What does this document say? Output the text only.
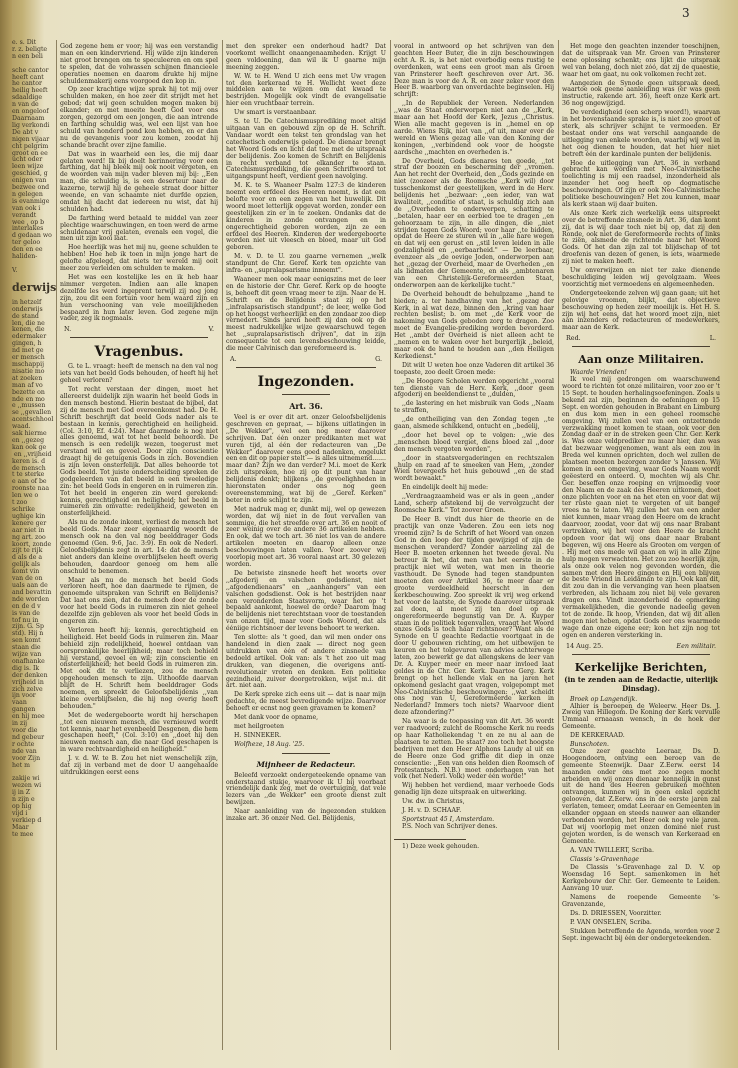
3

e. s. Dit
r. z. beligte
n een beli

sche cantor
heeft cant
he cantor
heilig heeft
sdaaldige
n van de
en ongeloof
Daarnaam
lig verkondi
De abt v
nigen vijaar
cht pelgrim
groot en ee
ucht oder
leen wijze
geschied, g
enigen van
bezwee ond
n gelegen
is evanmige
van ook i
verandt
wee , op b
interlakes
d gedaan wo
ter geloo
den en ee
haliden-

V.

derwijs

in hetzelf
onderwijs
de stand
len, die ne
kenen, die
edermaker
gingen, h
nd met ge
er mensch
mschappij
nisatie mo
at zoeken
man af vo
bezette on
nde en mo
e ,,mussen
se ,,gevallen
acentschhool
waad.
sak hierme
en ,,gezeg
kan ook ge
en ,,vrijheid
keren is. d
de mensch
t te sterke
e aan of be
roonste naa
len we o
t zoo schrike
ughige kin
kenere ger
aar niet in
ng art. zoo
koort, zonde
zijt te rijk
d als de a
gelijk als
komt vin
van de on
uals aan de
and bevattin
nde worden
en de d v
is van de
tof nu in
zijn. G. Sp
std). Hij n
sen komt
staan die
wijze van
onafhanke
dig is. Ik
der denken
vrijheid in
zich zelve
ijn voor
vaan gangen
en hij mee
in zij
voor die
nd gebeur
r ochte
nde van
voor Zijn
het m

zakije wi
wezen wi
ij in Z
n zijn e
op hig
vijd i
verkiep d
Maar
te mee

God zegene hem er voor; hij was een verstandig man en een kindervriend. Hij wilde zijn kinderen niet groot brengen om te speculeeren en om spel te spelen, dat de volwassen schijnen financieele operaties noemen en daarom drukte hij mijne schuldenmakerij eens voorgoed den kop in.

Op zeer krachtige wijze sprak hij tot mij over schulden maken, en hoe zeer dit strijdt met het gebod; dat wij geen schulden mogen maken bij elkander; en met moeite heeft God voor ons zorgen, gezorgd om een jongen, die aan intrende en farthing schuldig was, wel een lijst van hoe schuld van honderd pond kon hebben, en er dan nu de gevangenis voor zou komen, zoodat hij schande bracht over zijne familie.

Dat was in waarheid een les, die mij daar gelaten werd! Ik bij doelt herinnering voor een farthing, dat hij bleek mij ook nooit vergeten, en de woorden van mijn vader bleven mij bij: ,,Een man, die schuldig is, is een deserteur naar de kazerne, terwijl hij de geheele straat door bitter weende, en van schaamte niet durfde opzien, omdat hij dacht dat iedereen nu wist, dat hij schulden had.

De farthing werd betaald te middel van zeer plechtige waarschuwingen, en toen werd de arme schuldenaar vrij gelaten, evenals een vogel, die men uit zijn kooi laat.

Hoe heerlijk was het mij nu, geene schulden te hebben! Hoe heb ik toen in mijn jonge hart de gelofte afgelegd, dat niets ter wereld mij ooit meer zou verleiden om schulden te maken.

Het was een kostelijke les en ik heb haar nimmer vergeten. Indien aan alle knapen dezelfde les werd ingeprent terwijl zij nog jong zijn, zou dit een fortuin voor hem waard zijn en hun verschooning van vele moeilijkheden bespaard in hun later leven. God zegene mijn vader, zeg ik nogmaals.

N.	V.
Vragenbus.

G. te L. vraagt: heeft de mensch na den val nog iets van het beeld Gods behouden, of heeft hij het geheel verloren?

Tot recht verstaan der dingen, moet het allereerst duidelijk zijn waarin het beeld Gods in den mensch bestond. Hierin bestaat de bijbel, dat zij de mensch met God overeenkomst had. De H. Schrift beschrijft dat beeld Gods nader als te bestaan in kennis, gerechtigheid en heiligheid. (Col. 3:10, Ef. 4:24). Maar daarmede is nog niet alles genoemd, wat tot het beeld behoorde. De mensch is een redelijk wezen, toegerust met verstand wil en gevoel. Door zijn conscientie draagt hij de getuigenis Gods in zich. Bovendien is zijn leven onsterfelijk. Dat alles behoorde tot Gods beeld. Tot juiste onderscheiding spreken de godgeleerden van dat beeld in een tweeledige zin: het beeld Gods in engeren en in ruimeren zin. Tot het beeld in engeren zin werd gerekend: kennis, gerechtigheid en heiligheid; het beeld in ruimeren zin omvatte: redelijkheid, geweten en onsterfelijkheid.

Als nu de zonde inkomt, verliest de mensch het beeld Gods. Maar zeer eigenaardig woordt de mensch ook na den val nog beelddrager Gods genoemd (Gen. 9:6, Jac. 3:9). En ook de Nederl. Geloofsbelijdenis zegt in art. 14: dat de mensch niet anders dan kleine overblijfselen heeft overig behouden, daardoor genoeg om hem alle onschuld te benemen.

Maar als nu de mensch het beeld Gods verloren heeft, hoe dan daarmede te rijmen, de genoemde uitspraken van Schrift en Belijdenis? Dat laat ons zien, dat de mensch door de zonde voor het beeld Gods in ruimeren zin niet geheel dezelfde zijn gebleven als voor het beeld Gods in engeren zin.

Verloren heeft hij: kennis, gerechtigheid en heiligheid. Het beeld Gods in ruimeren zin. Maar behield zijn redelijkheid, hoewel ontdaan van oorspronkelijke heerlijkheid; maar toch behield hij verstand, gevoel en wil; zijn conscientie en onsterfelijkheid; het beeld Gods in ruimeren zin. Met ook dit te verliezen, zou de mensch opgehouden mensch te zijn. Uithoofde daarvan blijft de H. Schrift hem beelddrager Gods noemen, en spreekt de Geloofsbelijdenis ,,van kleine overblijfselen, die hij nog overig heeft behouden."

Met de wedergeboorte wordt hij herschapen ,,tot een nieuwen mensch, die vernieuwd wordt tot kennis, naar het evenbeeld Desgenen, die hem geschapen heeft," (Col. 3:10) en ,,doet hij den nieuwen mensch aan, die naar God geschapen is in ware rechtvaardigheid en heiligheid."

J. v. d. W. te B. Zou het niet wenschelijk zijn, dat zij in verband met de door U aangehaalde uitdrukkingen eerst eens

met den spreker een onderhoud hadt? Dat voorkomt wellicht onaangenaamheden. Krijgt U geen voldoening, dan wil ik U gaarne mijn meening zeggen.

W. W. te H. Wend U zich eens met Uw vragen tot den kerkeraad te H. Wellicht weet deze middelen aan te wijzen om dat kwaad te bestrijden. Mogelijk ook vindt de evangelisatie hier een vruchtbaar terrein.

Uw smart is verstaanbaar.

S. te U. De Catechismusprediking moet altijd uitgaan van en gebouwd zijn op de H. Schrift. Vandaar wordt een tekst ten grondslag van het catechetisch onderwijs gelegd. De dienaar brengt het Woord Gods en licht dat toe met de uitspraak der belijdenis. Zoo komen de Schrift en Belijdenis in recht verband tot elkander te staan. Catechismusprediking, die geen Schriftwoord tot uitgangspunt heeft, verdient geen navolging.

M. K. te S. Waaneer Psalm 127:3 de kinderen noemt een erfdeel des Heeren noemt, is dat een belofte voor en een zegen van het huwelijk. Dit woord moet letterlijk opgevat worden, zonder een geestelijken zin er in te zoeken. Ondanks dat de kinderen in zonde ontvangen en in ongerechtigheid geboren worden, zijn ze een erfdeel des Heeren. Kinderen der wedergeboorte worden niet uit vleesch en bloed, maar uit God geboren.

M. v. D. te U. zou gaarne vernemen ,,welk standpunt de Chr. Geref. Kerk ten opzichte van infra- en ,,supralapsarisme inneemt".

Waaneer men ook maar eenigszins met de leer en de historie der Chr. Geref. Kerk op de hoogte is, behoeft dit geen vraag meer te zijn. Naar de H. Schrift en de Belijdenis staat zij op het ,,infralapsaristisch standpunt"; de leer, welke God op het hoogst verheerlijkt en den zondaar zoo diep vernedert. Sinds jaren heeft zij dan ook op de meest nadrukkelijke wijze gewaarschuwd tegen het ,,supralapsaristisch drijven", dat in zijn consequentie tot een levensbeschouwing leidde, die meer Calvinisch dan gereformeerd is.

A.	G.
Ingezonden.
Art. 36.

Veel is er over dit art. onzer Geloofsbelijdenis geschreven en gepraat, — bijkens uitlatingen in ,,De Wekker", wel een nog meer daarover schrijven. Dat één onzer predikanten met wat vuren tijd, al één der redacteuren van ,,De Wekker" daarover eens goed nadenken, ongelukt een en dit op papier stelt — is alles uitnemend....... maar dan? Zijn we dan verder? M.i. moet de Kerk zich uitspreken, hoe zij op dit punt van haar belijdenis denkt; blijkens ,,de gevoelighheden in hieronstaten onder ons nog geen overeenstemming, wat bij de ,,Geref. Kerken" beter in orde schijnt te zijn.

Met nadruk mag er, dunkt mij, wel op gewezen worden, dat wij niet in de fout vervallen van sommige, die het streefde over art. 36 en nooit of zeer weinig over de andere 36 artikelen hebben. En ook, dat we toch art. 36 niet los van de andere artikelen moeten en daarop alleen onze beschouwingen laten vallen. Voor zoover wij voorlopig moet art. 36 vooral naast art. 30 gelezen worden.

De betwiste zinsnede heeft het woorts over ,,afgoderij en valschen godsdienst, niet ,,afgodendienaars" en ,,aanhangers" van een valschen godsdienst. Ook is het bestrijden naar een veronderden Staatsvorm, waar het op 't bepaald aankomt, hoewel de orde? Daarom mag de belijdenis niet terechtstaan voor de toestanden van onzen tijd, maar voor Gods Woord, dat als ééniige richtsnoer der levens behoort te werken.

Ten slotte: als 't goed, dan wil men onder ons handelend in dien zaak — direct nog geen uitdrukken van één of andere zinsnede van bedoeld artikel. Ook van: als 't het zoo uit mag drukken, van diegenen, die overigens anti-revolutionair vroten en denken. Een politieke gezindheid, zuiver doorgetrokken, wijst m.i. dit art. niet aan.

De Kerk spreke zich eens uit — dat is naar mijn gedachte, de meest bevredigende wijze. Daarvoor behoeft er ecnst nog geen gravamen te komen?

Met dank voor de opname,

met heilgroeten

H. SINNEKER.

Wolfheze, 18 Aug. '25.

Mijnheer de Redacteur.

Beleefd verzoekt ondergeteekende opname van onderstaand stukje, waarvoor ik U bij voorbaat vriendelijk dank zeg, met de overtuiging, dat vele lezers van ,,de Wekker" een groote dienst zult bewijzen.

Naar aanleiding van de ingezonden stukken inzake art. 36 onzer Ned. Gel. Belijdenis,

vooral in antwoord op het schrijven van den geachten Heer Buter, die in zijn beschouwingen echt A. R. is, is het niet overbodig eens rustig te overdenken, wat eens een groot man als Groen van Prinsterer heeft geschreven over Art. 36. Deze man is voor de A. R. en zeer zeker voor den Heer B. waarborg van onverdachte beginselen. Hij schrijft:

,,In de Republiek der Vereen. Nederlanden ,,was de Staat onderworpen niet aan de ,,Kerk, maar aan het Hoofd der Kerk, Jezus ,,Christus. Wien alle macht gegeven is in ,,hemel en op aarde. Wiens Rijk, niet van ,,of uit, maar over de wereld en Wiens gezag alle van den Koning der koningen, ,,verbindend ook voor de hoogste aardsche ,,machten en overheden is."

De Overheid, Gods dienares ten goede, ,,tot straf der boozen en bescherming der ,,vromen. Aan het recht der Overheid, den ,,Gods gezinde en niet (zoozeer als de Roomsche ,,Kerk wil) door tusschenkomst der geestelijken, werd in de Herv. belijdenis het ,,bezwaar: ,,een ieder, van wat kwaliteit, ,,conditie of staat, is schuldig zich aan de ,,Overheden te onderwerpen, schatting te ,,betalen, haar eer en eerbied toe te dragen ,,en gehoorzaam te zijn, in alle dingen, die ,,niet strijden tegen Gods Woord; voor haar ,,te bidden, opdat de Heere ze sturen wil in ,,alle hare wegen en dat wij een gerust en ,,stil leven leiden in alle godzaligheid en ,,eerbaarheid." — De leerbaar, evenzeer als ,,de oevige Joden, onderworpen aan het ,,gezag der Overheid, maar de Overheden ,,en als lidmaten der Gemeente, en als ,,ambtenaren van een Christelijk-Gereformeerden Staat, onderworpen aan de kerkelijke tucht."

De Overheid behoudt de behulpzame ,,hand te bieden; a. ter handhaving van het ,,gezag der Kerk, in al wat deze, binnen den ,,kring van haar rechten beslist; b. om met ,,de Kerk voor de nakoming van Gods geboden zorg te dragen. Zoo moet de Evangelie-prediking worden bevorderd. Het ,,ambt der Overheid is niet alleen acht te ,,nemen en te waken over het burgerlijk ,,beleid, maar ook de hand te houden aan ,,den Heiligen Kerkedienst."

Dit wilt U weten hoe onze Vaderen dit artikel 36 toepaste, zoo deelt Groen mede:

,,De Hoogere Scholen werden opgericht ,,vooral ten dienste van de Herv. Kerk, ,,door geen afgoderij en beeldendienst te ,,dulden,

,,de lastering en het misbruik van Gods ,,Naam te straffen,

,,de ontheiliging van den Zondag tegen ,,te gaan, alsmede schikkend, ontucht en ,,bedelij,

,,door het bevel op te volgen: ,,wie des ,,menschen bloed vergiet, diens bloed zal ,,door den mensch vergoten worden",

,,door in staatsvergaderingen en rechtszalen ,,hulp en raad af te smeeken van Hem, ,,zonder Wien tevergeefs het huis gebouwd ,,en de stad wordt bewaakt."

En eindelijk deelt hij mede:

,,Verdraagzaamheid was er als in geen ,,ander Land, scherp afstekend bij de vervolgzucht der Roomsche Kerk." Tot zoover Groen.

De Heer B. vindt dus hier de theorie en de practijk van onze Vaderen. Zou een iets nog vreemd zijn? Is de Schrift of het Woord van onzen God in den loop der tijden gewijzigd of zijn de menschen veranderd? Zonder aarzeling zal de Heer B. moeten erkennen het tweede geval. Nu betreur ik het, dat men van het eerste in de practijk niet wil weten, wat men in theorie vasthoudt. De Synode had tegen standpunten moeten den over Artikel 36, te meer daar er groote verdeeldheid heerscht in den kerkbeschouwing. Zoo spreekt ik vrij weg erkend het voor de laatste, de Synode daarover uitspraak zal doen, al moet zij ten doel op de ongereformeerde begunstig van Dr. A. Kuyper staan in de politiek tegenvallen, vraagt het Woord onzes Gods is toch haar richtsnoer? Want als de Synode en U geachte Redactie voortgaat in de door U gebouwen richting, om het uitbewijen te keuren en het tolgevuren van advies achterwege laten, zoo bewerkt ge dat allengskens de leer van Dr. A. Kuyper meer en meer naar invloed laat geldes in de Chr. Ger. Kerk. Daartoe Gerg. Kerk brengt op het hellende vlak en na jaren het opkomend geslacht gaat vragen, volgepompt met Neo-Calvinistische beschouwingen: ,,wat scheidt ons nog van U, Gereformeerde kerken in Nederland? Immers toch niets? Waarvoor dient deze afzondering?"

Na waar is de toepassing van dit Art. 36 wordt ver raadvoord; zulcht de Roomsche Kerk nu reeds op haar Katholiekendag 't en ze nu al aan de plaatsen te zetten. De staat? zoo toch het hoogste bedrijven met den Heer Alphons Laudy al uit en de Heere onze God griffie dit diep in onze conscientie: ,,Een van ons helden dien Roomsch of Protestantsch. N.B.) moet onderhagen van het volk (het Nederl. Volk) weder één worde!"

Wij hebben het verdiend, maar verhoede Gods genadig lijn deze uitspraak en uitwerking.

Uw. dw. in Christus,

J. H. v. D. SCHAAF.

Sportstraat 45 I, Amsterdam.

P.S. Noch van Schrijver denes.

1) Deze week gehouden.

Het moge den geachten inzender toeschijnen, dat de uitspraak van Mr. Groen van Prinsterer eene oplossing schenkt; ons lijkt die uitspraak wel van belang, doch niet zóó, dat zij de quaestie, waar het om gaat, nu ook volkomen recht zet.

Aangezien de Synode geen uitspraak deed, waartoe ook geene aanleiding was (er was geen instructie, rakende art. 36), heeft onze Kerk art. 36 nog ongewijzigd.

De verdedigheid (een scherp woord!), waarvan in het bovenstaande sprake is, is niet zoo groot of sterk, als schrijver schijnt te vermoeden. Er bestaat onder ons wat verschil aangaande de uitlegging van enkele woorden, waarbij wij wel in het oog dienen te houden, dat het hier niet betreft één der kardinale punten der belijdenis.

Hoe de uitlegging van Art. 36 in verband gebracht kan worden met Neo-Calvinistische toelichting is mij een raadsel, inzonderheid als inzender het oog heeft op dogmatische beschouwingen. Of zijn er ook Neo-Calvinistische politieke beschouwingen? Het zou kunnen, maar als kerk staan wij daar buiten.

Als onze Kerk zich werkelijk eens uitspreekt over de betreffende zinsnede in Art. 36, dan komt zij, dat is wij daar toch niet bij op, dat zij den Ronde, ook niet de Gereformeerde rechts of links te ziën, alsmede de richtende naar het Woord Gods. Of het dan zijn zal tot blijdschap of tot droefenis van dezen of genen, is iets, waarmede zij niet te maken heeft.

Uw onverwijzen en niet ter zake dienende beschuldiging leiden wij gevolgzaam. Wees voorzichtig met vermoedens en algemeenheden.

Ondergeteekende zelven wij gaan gaan; uit het gelovige vroomen, blijkt, dat objectieve beschouwing op heden zeer moeilijk is. Het H. S. zijn wij het eens, dat het woord moet zijn, niet aan inzenders of redacteuren of medewerkers, maar aan de Kerk.

Red.	L.
Aan onze Militairen.

Waarde Vrienden!

Ik voel mij gedrongen om waarschuwend woord te richten tot onze militairen, voor zoo er 't 15 Sept. te houden herhalingsoefeningen. Zoals u bekend zal zijn, beginnen de oefeningen op 15 Sept. en worden gehouden in Brabant en Limburg en dus kom men in een geheel roomsche omgeving. Wij zullen veel van een ontzettende verzwakking moet komen te staan, ook voor den Zondag daar er in de streken geen Chr. Ger. Kerk is. Was onze veldprediker nu maar hier, dan was dat bezwaar weggenomen, want als een zou in Breda wel kunnen oprichten, doch wel zullen de plaatsen moeten bezorgen zonder 's Janssen. Wij komen in een omgeving, waar Gods Naam wordt geëesterd en onteerd. O, mochten wij als Chr. Ger. beseffen onze roeping en vrijmoedig voor den Naam en de zaak des Heeren uitkomen, doet onze plichten voor en na het eten en voor dat wij ter ruste gaan niet te vergeten of uit banger vrees na te laten. Wij zullen het van een ander niet kunnen, maar vraag den Heere om de kracht daarvoor, zoodat, voor dat wij ons naar Brabant vertrekken, wij het voor den Heere de kracht opdoen voor dat wij ons daar naar Brabant begeven, wij ons Heere als Grooten om vergen of . Hij met ons mede wil gaan en wij in alle Zijne hulp mogen verwachten. Het zou zoo heerlijk zijn, als onze ook velen nog gevonden worden, die samen met den Heere gingen en Hij een blijven de beste Vriend in Leidaman te zijn. Ook kan dit, dit zou dan in die vervanging van heen plaatsen verbreden, als lichaam zou niet bij vele gevaren dragen ons. Vindt inzonderheid de opmerking vermakelijkheden, die gevonde nadeelig geven tot de zonde. Ik hoop, Vrienden, dat wij dit allen mogen niet heben, opdat Gods eer ons waarmede wage dan onze eigene eer; kon het zijn nog tot ogen en anderen versterking in.

14 Aug. 25.	Een militair.
Kerkelijke Berichten,
(in te zenden aan de Redactie, uiterlijk Dinsdag).

Broek op Langendijk.

Alhier is beroepen de Weleerw. Heer Ds. J. Zweig van Hillegom. De Koning der Kerk vervulle Ummaal ernaaasn wensch, in de hoek der Gemeente.

DE KERKERAAD.

Bunschoten.

Onze zeer geachte Leeraar, Ds. D. Hoogendoorn, ontving een beroep van de gemeente Steenwijk. Daar Z.Eerw. eerst 14 maanden onder ons met zoo zegen mocht arbeiden en wij onzen dienaar kennelijk in gunst uit de hand des Heeren gebruiken mochten ontvangen, kunnen wij in geen enkel opzicht gelooven, dat Z.Eerw. ons in de eerste jaren zal verlaten, temeer, omdat Leeraar en Gemeenten in elkander opgaan en steeds nauwer aan elkander verbonden worden, het Heer ook nog vele jaren. Dat wij voorlopig met onzen dominé niet rust gejoten worden, is de wensch van Kerkeraad en Gemeente.

A. VAN TWILLERT, Scriba.

Classis 's-Gravenhage

De Classis 's-Gravenhage zal D. V. op Woensdag 16 Sept. samenkomen in het Kerkgebouw der Chr. Ger. Gemeente te Leiden. Aanvang 10 uur.

Namens de roepende Gemeente 's-Gravenzande,

Ds. D. DRIESSEN, Voorzitter.

P. VAN ONSELEN, Scriba.

Stukken betreffende de Agenda, worden voor 2 Sept. ingewacht bij één der ondergeteekenden.
